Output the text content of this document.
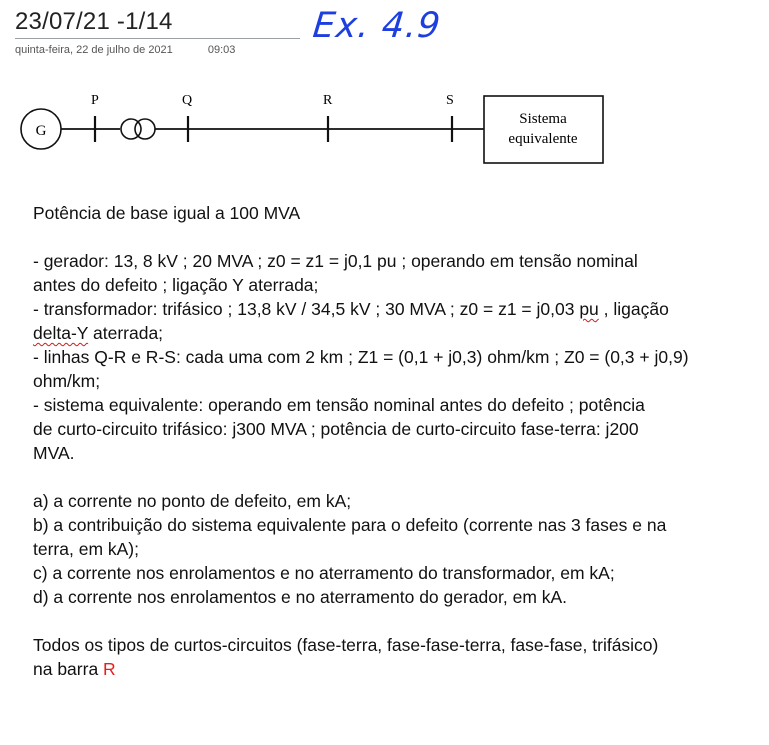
23/07/21 -1/14
quinta-feira, 22 de julho de 2021	09:03
Ex. 4.9
G
P	Q	R	S
Sistema
equivalente

Potência de base igual a 100 MVA

- gerador: 13, 8 kV ; 20 MVA ; z0 = z1 = j0,1 pu ; operando em tensão nominal

antes do defeito ; ligação Y aterrada;

- transformador: trifásico ; 13,8 kV / 34,5 kV ; 30 MVA ; z0 = z1 = j0,03 pu , ligação

delta-Y aterrada;

- linhas Q-R e R-S: cada uma com 2 km ; Z1 = (0,1 + j0,3) ohm/km ; Z0 = (0,3 + j0,9)

ohm/km;

- sistema equivalente: operando em tensão nominal antes do defeito ; potência

de curto-circuito trifásico: j300 MVA ; potência de curto-circuito fase-terra: j200

MVA.

a) a corrente no ponto de defeito, em kA;

b) a contribuição do sistema equivalente para o defeito (corrente nas 3 fases e na

terra, em kA);

c) a corrente nos enrolamentos e no aterramento do transformador, em kA;

d) a corrente nos enrolamentos e no aterramento do gerador, em kA.

Todos os tipos de curtos-circuitos (fase-terra, fase-fase-terra, fase-fase, trifásico)

na barra R
